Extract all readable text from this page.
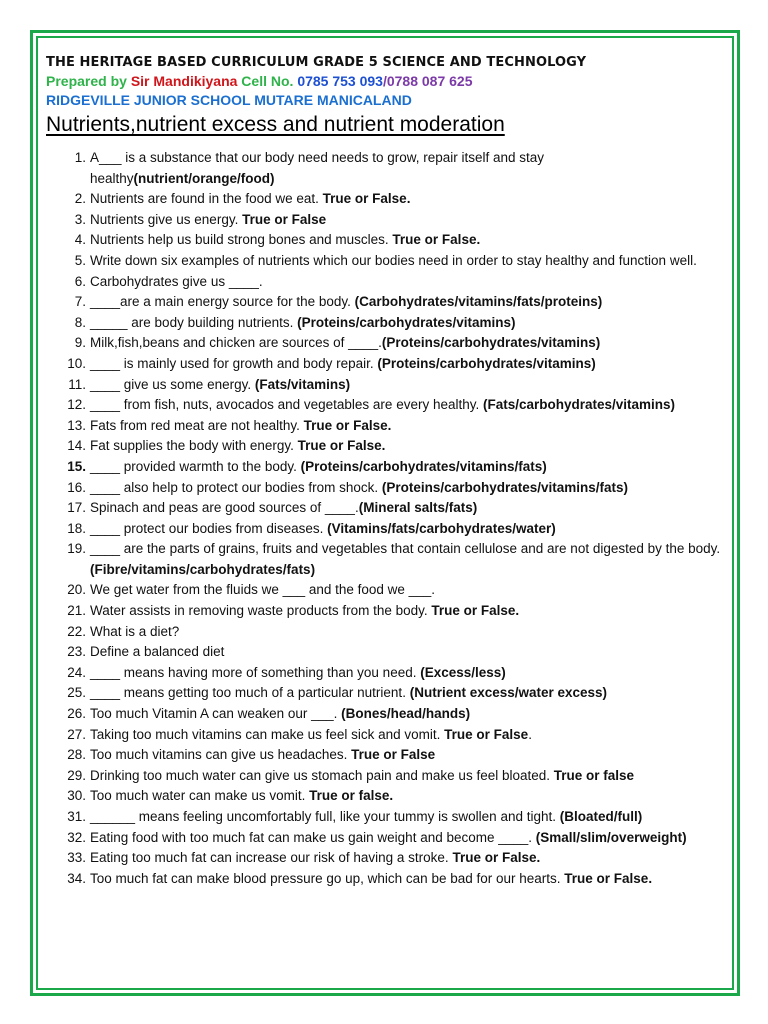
THE HERITAGE BASED CURRICULUM GRADE 5 SCIENCE AND TECHNOLOGY
Prepared by Sir Mandikiyana Cell No. 0785 753 093/0788 087 625
RIDGEVILLE JUNIOR SCHOOL MUTARE MANICALAND
Nutrients,nutrient excess and nutrient moderation
1. A___ is a substance that our body need needs to grow, repair itself and stay healthy(nutrient/orange/food)
2. Nutrients are found in the food we eat. True or False.
3. Nutrients give us energy. True or False
4. Nutrients help us build strong bones and muscles. True or False.
5. Write down six examples of nutrients which our bodies need in order to stay healthy and function well.
6. Carbohydrates give us ____.
7. ____are a main energy source for the body. (Carbohydrates/vitamins/fats/proteins)
8. _____ are body building nutrients. (Proteins/carbohydrates/vitamins)
9. Milk,fish,beans and chicken are sources of ____.(Proteins/carbohydrates/vitamins)
10. ____ is mainly used for growth and body repair. (Proteins/carbohydrates/vitamins)
11. ____ give us some energy. (Fats/vitamins)
12. ____ from fish, nuts, avocados and vegetables are every healthy. (Fats/carbohydrates/vitamins)
13. Fats from red meat are not healthy. True or False.
14. Fat supplies the body with energy. True or False.
15. ____ provided warmth to the body. (Proteins/carbohydrates/vitamins/fats)
16. ____ also help to protect our bodies from shock. (Proteins/carbohydrates/vitamins/fats)
17. Spinach and peas are good sources of ____.(Mineral salts/fats)
18. ____ protect our bodies from diseases. (Vitamins/fats/carbohydrates/water)
19. ____ are the parts of grains, fruits and vegetables that contain cellulose and are not digested by the body. (Fibre/vitamins/carbohydrates/fats)
20. We get water from the fluids we ___ and the food we ___.
21. Water assists in removing waste products from the body. True or False.
22. What is a diet?
23. Define a balanced diet
24. ____ means having more of something than you need. (Excess/less)
25. ____ means getting too much of a particular nutrient. (Nutrient excess/water excess)
26. Too much Vitamin A can weaken our ___. (Bones/head/hands)
27. Taking too much vitamins can make us feel sick and vomit. True or False.
28. Too much vitamins can give us headaches. True or False
29. Drinking too much water can give us stomach pain and make us feel bloated. True or false
30. Too much water can make us vomit. True or false.
31. ______ means feeling uncomfortably full, like your tummy is swollen and tight. (Bloated/full)
32. Eating food with too much fat can make us gain weight and become ____. (Small/slim/overweight)
33. Eating too much fat can increase our risk of having a stroke. True or False.
34. Too much fat can make blood pressure go up, which can be bad for our hearts. True or False.
